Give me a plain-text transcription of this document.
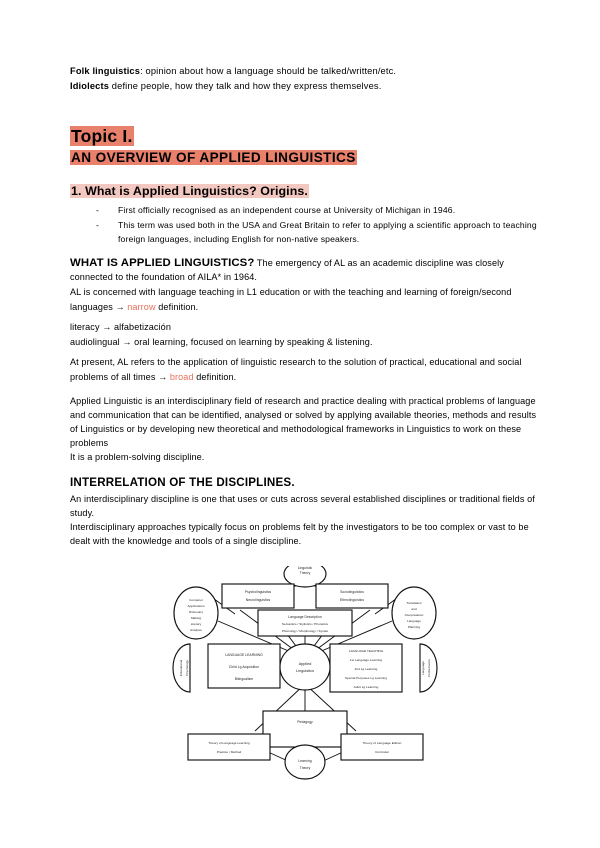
Folk linguistics: opinion about how a language should be talked/written/etc.
Idiolects define people, how they talk and how they express themselves.
Topic I.
AN OVERVIEW OF APPLIED LINGUISTICS
1. What is Applied Linguistics? Origins.
- First officially recognised as an independent course at University of Michigan in 1946.
- This term was used both in the USA and Great Britain to refer to applying a scientific approach to teaching foreign languages, including English for non-native speakers.

WHAT IS APPLIED LINGUISTICS? The emergency of AL as an academic discipline was closely connected to the foundation of AILA* in 1964.

AL is concerned with language teaching in L1 education or with the teaching and learning of foreign/second languages → narrow definition.

literacy → alfabetización

audiolingual → oral learning, focused on learning by speaking & listening.

At present, AL refers to the application of linguistic research to the solution of practical, educational and social problems of all times → broad definition.

Applied Linguistic is an interdisciplinary field of research and practice dealing with practical problems of language and communication that can be identified, analysed or solved by applying available theories, methods and results of Linguistics or by developing new theoretical and methodological frameworks in Linguistics to work on these problems

It is a problem-solving discipline.

INTERRELATION OF THE DISCIPLINES.

An interdisciplinary discipline is one that uses or cuts across several established disciplines or traditional fields of study.

Interdisciplinary approaches typically focus on problems felt by the investigators to be too complex or vast to be dealt with the knowledge and tools of a single discipline.

Linguistic
Theory
Psycholinguistics
Neurolinguistics
Sociolinguistics
Ethnolinguistics
Language Description
Semantics / Stylistics / Phonetics
Phonology / Morphology / Syntax
Computer
Applications
Dictionary
Making
Literary
Analysis
Translation
and
Interpretation
Language
Planning
Educational Psychology	Language Performance
LANGUAGE LEARNING
Child Lg Acquisition
Bilingualism
LANGUAGE TEACHING
1st Language Learning
2nd Lg Learning
Special Purposes Lg Learning
Adult Lg Learning
Applied
Linguistics
Pedagogy
Theory of Language Learning
Practice / Method
Theory of Language Edition
Curricular
Learning
Theory
